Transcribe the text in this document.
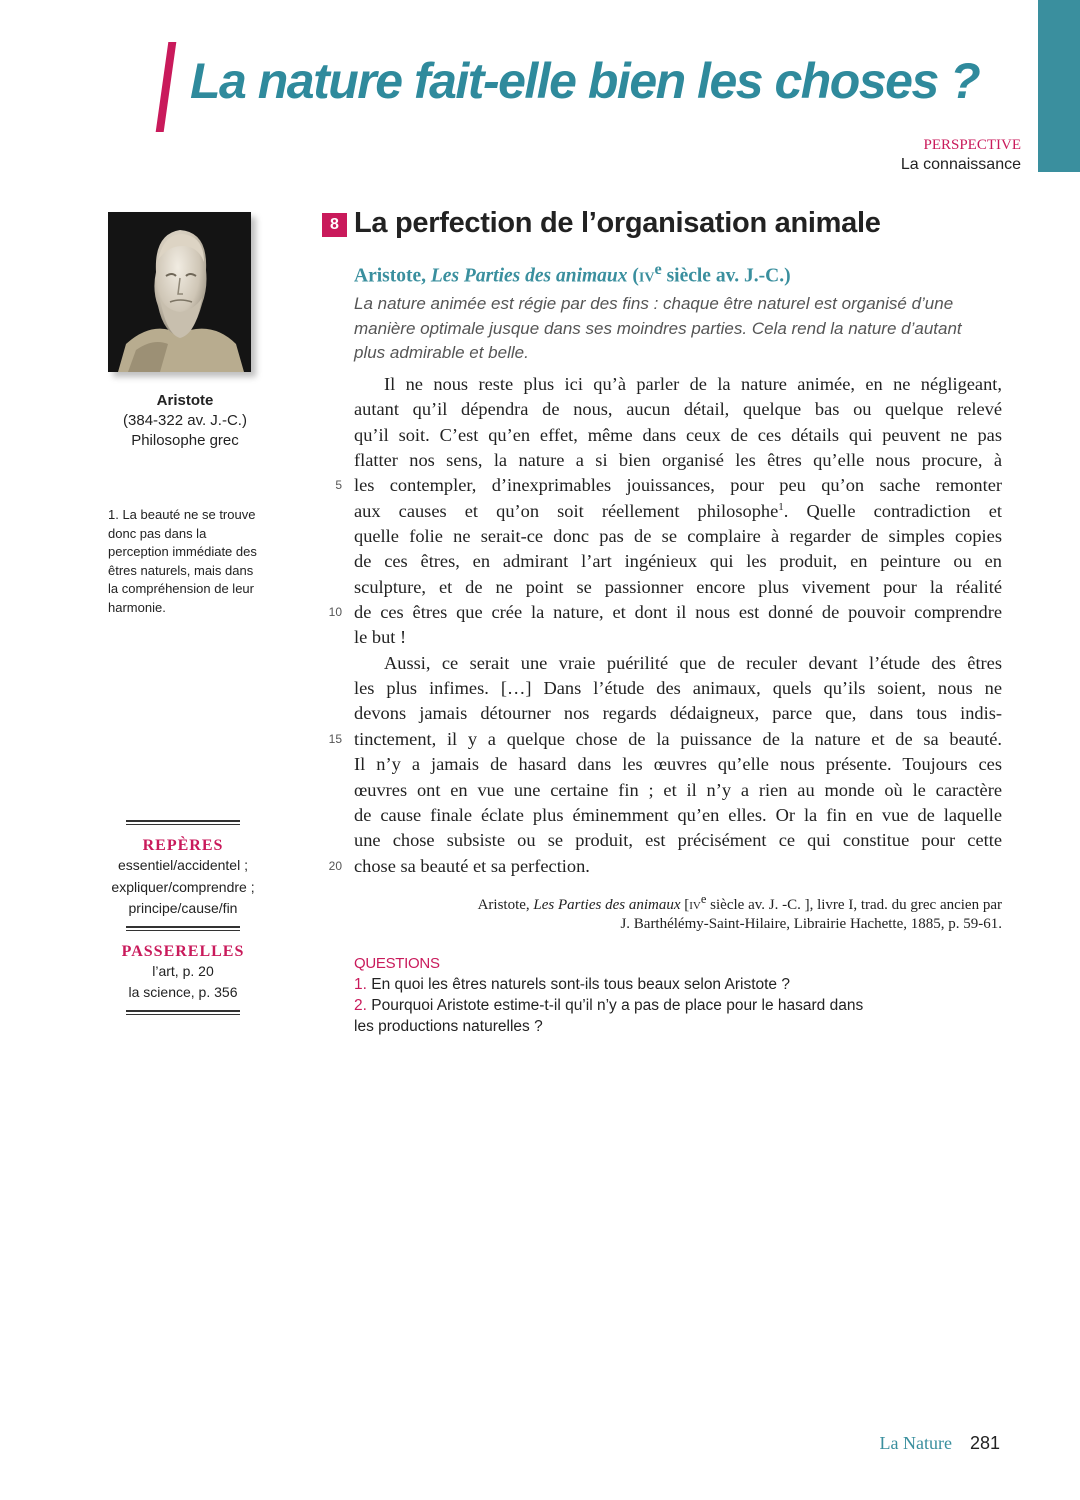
La nature fait-elle bien les choses ?
PERSPECTIVE
La connaissance
Aristote
(384-322 av. J.-C.)
Philosophe grec
1. La beauté ne se trouve donc pas dans la perception immédiate des êtres naturels, mais dans la compréhension de leur harmonie.
REPÈRES
essentiel/accidentel ;
expliquer/comprendre ;
principe/cause/fin
PASSERELLES
l’art, p. 20
la science, p. 356
8 La perfection de l’organisation animale
Aristote, Les Parties des animaux ($iv^e$ siècle av. J.-C.)

La nature animée est régie par des fins : chaque être naturel est organisé d’une manière optimale jusque dans ses moindres parties. Cela rend la nature d’autant plus admirable et belle.

Il ne nous reste plus ici qu’à parler de la nature animée, en ne négligeant,
autant qu’il dépendra de nous, aucun détail, quelque bas ou quelque relevé
qu’il soit. C’est qu’en effet, même dans ceux de ces détails qui peuvent ne pas
flatter nos sens, la nature a si bien organisé les êtres qu’elle nous procure, à
les contempler, d’inexprimables jouissances, pour peu qu’on sache remonter
aux causes et qu’on soit réellement philosophe$^1$. Quelle contradiction et
quelle folie ne serait-ce donc pas de se complaire à regarder de simples copies
de ces êtres, en admirant l’art ingénieux qui les produit, en peinture ou en
sculpture, et de ne point se passionner encore plus vivement pour la réalité
de ces êtres que crée la nature, et dont il nous est donné de pouvoir comprendre
le but !
Aussi, ce serait une vraie puérilité que de reculer devant l’étude des êtres
les plus infimes. […] Dans l’étude des animaux, quels qu’ils soient, nous ne
devons jamais détourner nos regards dédaigneux, parce que, dans tous indis-
tinctement, il y a quelque chose de la puissance de la nature et de sa beauté.
Il n’y a jamais de hasard dans les œuvres qu’elle nous présente. Toujours ces
œuvres ont en vue une certaine fin ; et il n’y a rien au monde où le caractère
de cause finale éclate plus éminemment qu’en elles. Or la fin en vue de laquelle
une chose subsiste ou se produit, est précisément ce qui constitue pour cette
chose sa beauté et sa perfection.
5
10
15
20
Aristote, Les Parties des animaux [$iv^e$ siècle av. J. -C. ], livre I, trad. du grec ancien par
J. Barthélémy-Saint-Hilaire, Librairie Hachette, 1885, p. 59-61.
QUESTIONS
1. En quoi les êtres naturels sont-ils tous beaux selon Aristote ?
2. Pourquoi Aristote estime-t-il qu’il n’y a pas de place pour le hasard dans
les productions naturelles ?
La Nature 281
